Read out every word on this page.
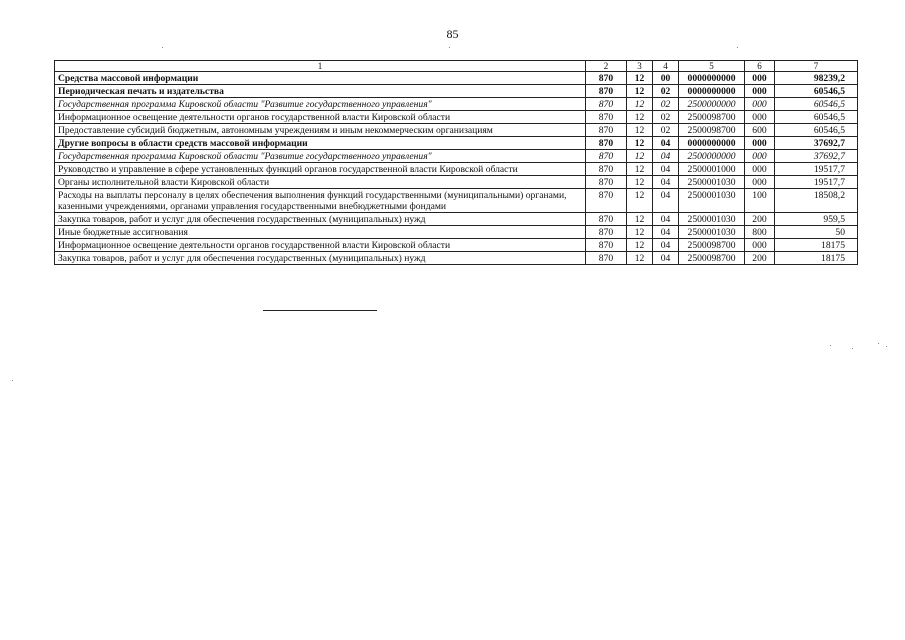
85
1	2	3	4	5	6	7
Средства массовой информации	870	12	00	0000000000	000	98239,2
Периодическая печать и издательства	870	12	02	0000000000	000	60546,5
Государственная программа Кировской области "Развитие государственного управления"	870	12	02	2500000000	000	60546,5
Информационное освещение деятельности органов государственной власти Кировской области	870	12	02	2500098700	000	60546,5
Предоставление субсидий бюджетным, автономным учреждениям и иным некоммерческим организациям	870	12	02	2500098700	600	60546,5
Другие вопросы в области средств массовой информации	870	12	04	0000000000	000	37692,7
Государственная программа Кировской области "Развитие государственного управления"	870	12	04	2500000000	000	37692,7
Руководство и управление в сфере установленных функций органов государственной власти Кировской области	870	12	04	2500001000	000	19517,7
Органы исполнительной власти Кировской области	870	12	04	2500001030	000	19517,7
Расходы на выплаты персоналу в целях обеспечения выполнения функций государственными (муниципальными) органами, казенными учреждениями, органами управления государственными внебюджетными фондами	870	12	04	2500001030	100	18508,2
Закупка товаров, работ и услуг для обеспечения государственных (муниципальных) нужд	870	12	04	2500001030	200	959,5
Иные бюджетные ассигнования	870	12	04	2500001030	800	50
Информационное освещение деятельности органов государственной власти Кировской области	870	12	04	2500098700	000	18175
Закупка товаров, работ и услуг для обеспечения государственных (муниципальных) нужд	870	12	04	2500098700	200	18175
